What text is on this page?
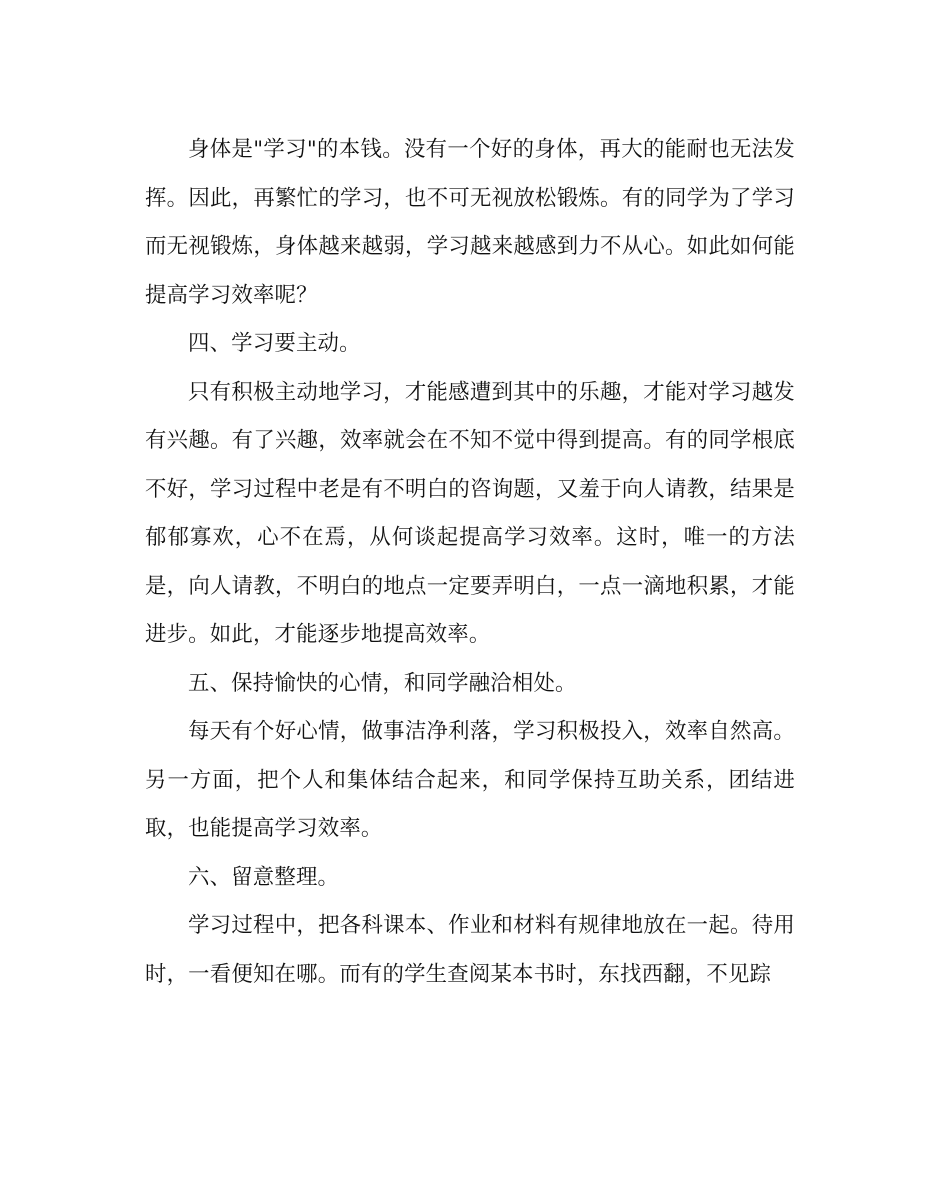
身体是"学习"的本钱。没有一个好的身体，再大的能耐也无法发挥。因此，再繁忙的学习，也不可无视放松锻炼。有的同学为了学习而无视锻炼，身体越来越弱，学习越来越感到力不从心。如此如何能提高学习效率呢？

四、学习要主动。

只有积极主动地学习，才能感遭到其中的乐趣，才能对学习越发有兴趣。有了兴趣，效率就会在不知不觉中得到提高。有的同学根底不好，学习过程中老是有不明白的咨询题，又羞于向人请教，结果是郁郁寡欢，心不在焉，从何谈起提高学习效率。这时，唯一的方法是，向人请教，不明白的地点一定要弄明白，一点一滴地积累，才能进步。如此，才能逐步地提高效率。

五、保持愉快的心情，和同学融洽相处。

每天有个好心情，做事洁净利落，学习积极投入，效率自然高。另一方面，把个人和集体结合起来，和同学保持互助关系，团结进取，也能提高学习效率。

六、留意整理。

学习过程中，把各科课本、作业和材料有规律地放在一起。待用时，一看便知在哪。而有的学生查阅某本书时，东找西翻，不见踪
